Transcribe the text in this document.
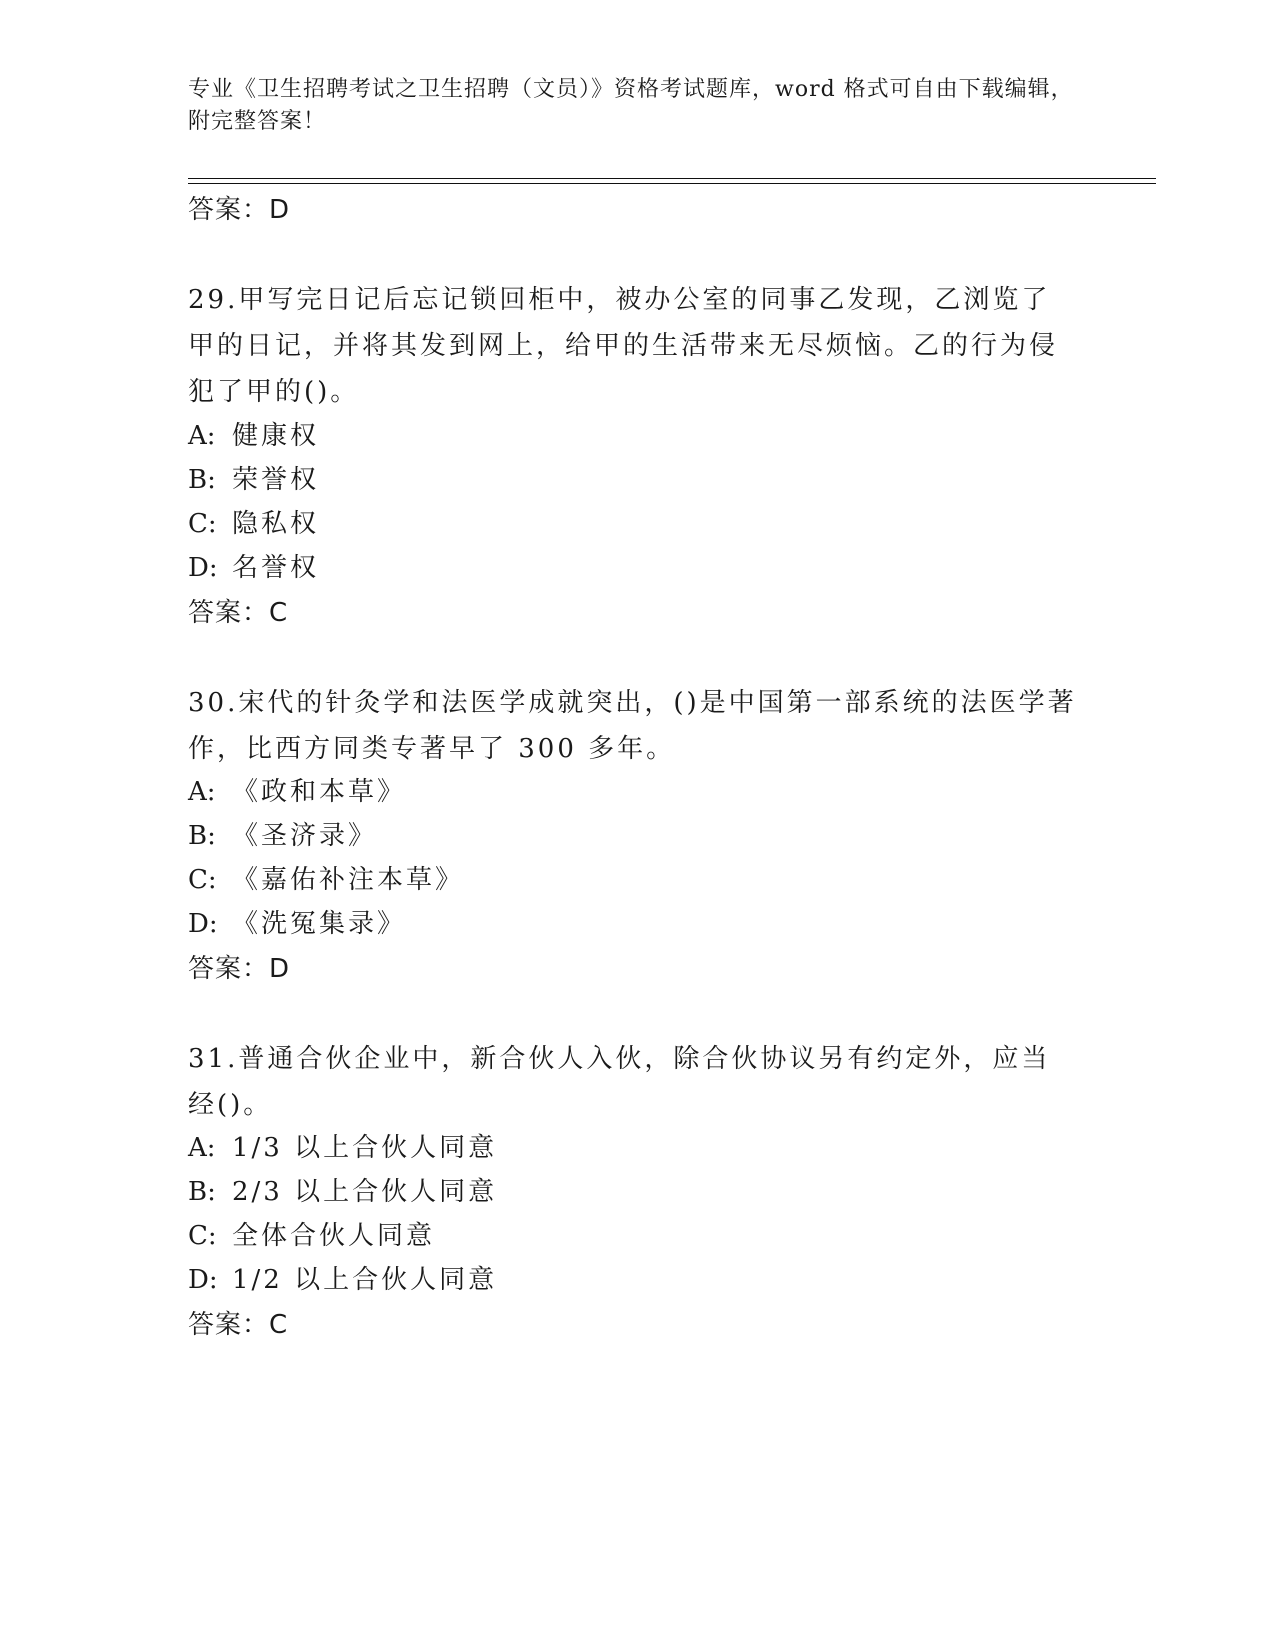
专业《卫生招聘考试之卫生招聘（文员）》资格考试题库，word 格式可自由下载编辑，附完整答案！
答案：D
29.甲写完日记后忘记锁回柜中，被办公室的同事乙发现，乙浏览了甲的日记，并将其发到网上，给甲的生活带来无尽烦恼。乙的行为侵犯了甲的()。
A: 健康权
B: 荣誉权
C: 隐私权
D: 名誉权
答案：C
30.宋代的针灸学和法医学成就突出，()是中国第一部系统的法医学著作，比西方同类专著早了 300 多年。
A: 《政和本草》
B: 《圣济录》
C: 《嘉佑补注本草》
D: 《洗冤集录》
答案：D
31.普通合伙企业中，新合伙人入伙，除合伙协议另有约定外，应当经()。
A: 1/3 以上合伙人同意
B: 2/3 以上合伙人同意
C: 全体合伙人同意
D: 1/2 以上合伙人同意
答案：C
